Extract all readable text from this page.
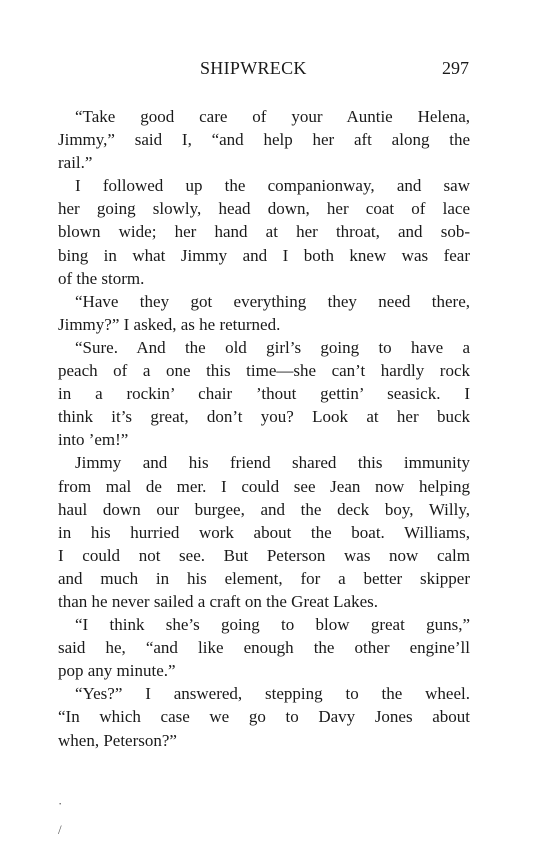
SHIPWRECK	297
“Take good care of your Auntie Helena,
Jimmy,” said I, “and help her aft along the
rail.”
I followed up the companionway, and saw
her going slowly, head down, her coat of lace
blown wide; her hand at her throat, and sob-
bing in what Jimmy and I both knew was fear
of the storm.
“Have they got everything they need there,
Jimmy?” I asked, as he returned.
“Sure. And the old girl’s going to have a
peach of a one this time—she can’t hardly rock
in a rockin’ chair ’thout gettin’ seasick. I
think it’s great, don’t you? Look at her buck
into ’em!”
Jimmy and his friend shared this immunity
from mal de mer. I could see Jean now helping
haul down our burgee, and the deck boy, Willy,
in his hurried work about the boat. Williams,
I could not see. But Peterson was now calm
and much in his element, for a better skipper
than he never sailed a craft on the Great Lakes.
“I think she’s going to blow great guns,”
said he, “and like enough the other engine’ll
pop any minute.”
“Yes?” I answered, stepping to the wheel.
“In which case we go to Davy Jones about
when, Peterson?”
·
/
